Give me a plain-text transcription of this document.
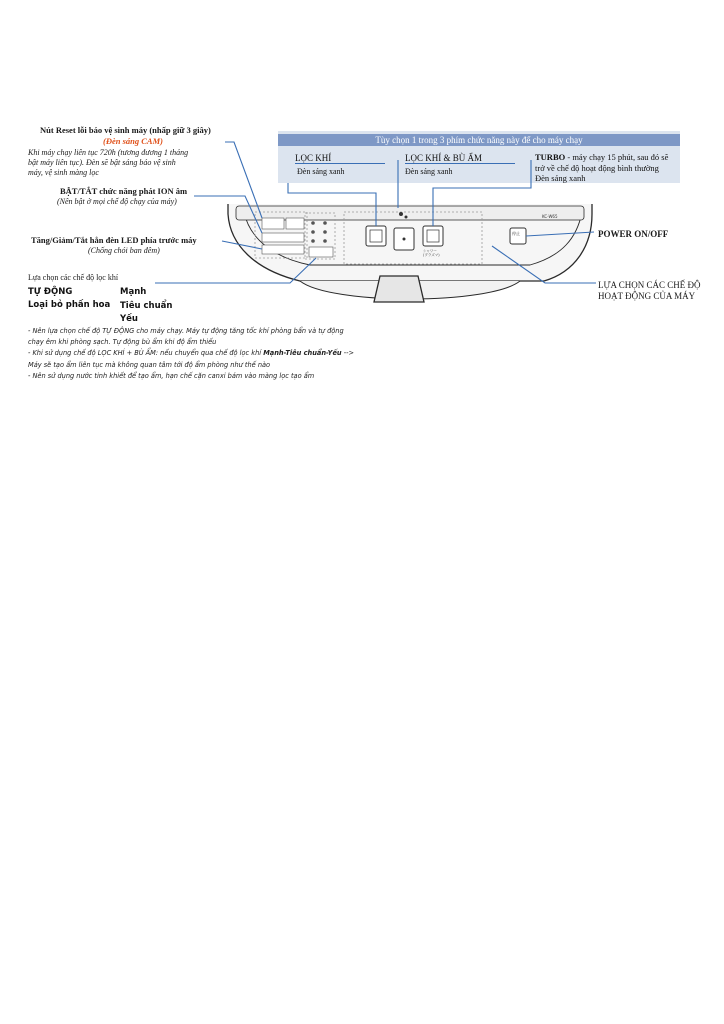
Tùy chọn 1 trong 3 phím chức năng này để cho máy chạy
LỌC KHÍ
Đèn sáng xanh
LỌC KHÍ & BÙ ẨM
Đèn sáng xanh
TURBO - máy chạy 15 phút, sau đó sẽ
trở về chế độ hoạt động bình thường
Đèn sáng xanh
Nút Reset lỗi báo vệ sinh máy (nhấp giữ 3 giây)
(Đèn sáng CAM)
Khi máy chạy liên tục 720h (tương đương 1 tháng
bật máy liên tục). Đèn sẽ bật sáng báo vệ sinh
máy, vệ sinh màng lọc
BẬT/TẮT chức năng phát ION âm
(Nên bật ở mọi chế độ chạy của máy)
Tăng/Giảm/Tắt hẳn đèn LED phía trước máy
(Chống chói ban đêm)
POWER ON/OFF
LỰA CHỌN CÁC CHẾ ĐỘ
HOẠT ĐỘNG CỦA MÁY
Lựa chọn các chế độ lọc khí
TỰ ĐỘNG
Loại bỏ phấn hoa
Mạnh
Tiêu chuẩn
Yếu
- Nên lựa chọn chế độ TỰ ĐỘNG cho máy chạy. Máy tự động tăng tốc khí phòng bẩn và tự động
chạy êm khi phòng sạch. Tự động bù ẩm khi độ ẩm thiếu
- Khi sử dụng chế độ LỌC KHÍ + BÙ ẨM: nếu chuyển qua chế độ lọc khí Mạnh-Tiêu chuẩn-Yếu -->
Máy sẽ tạo ẩm liên tục mà không quan tâm tới độ ẩm phòng như thế nào
- Nên sử dụng nước tinh khiết để tạo ẩm, hạn chế cặn canxi bám vào màng lọc tạo ẩm
KC-W65
停止
シャワー
(プラズマ)
